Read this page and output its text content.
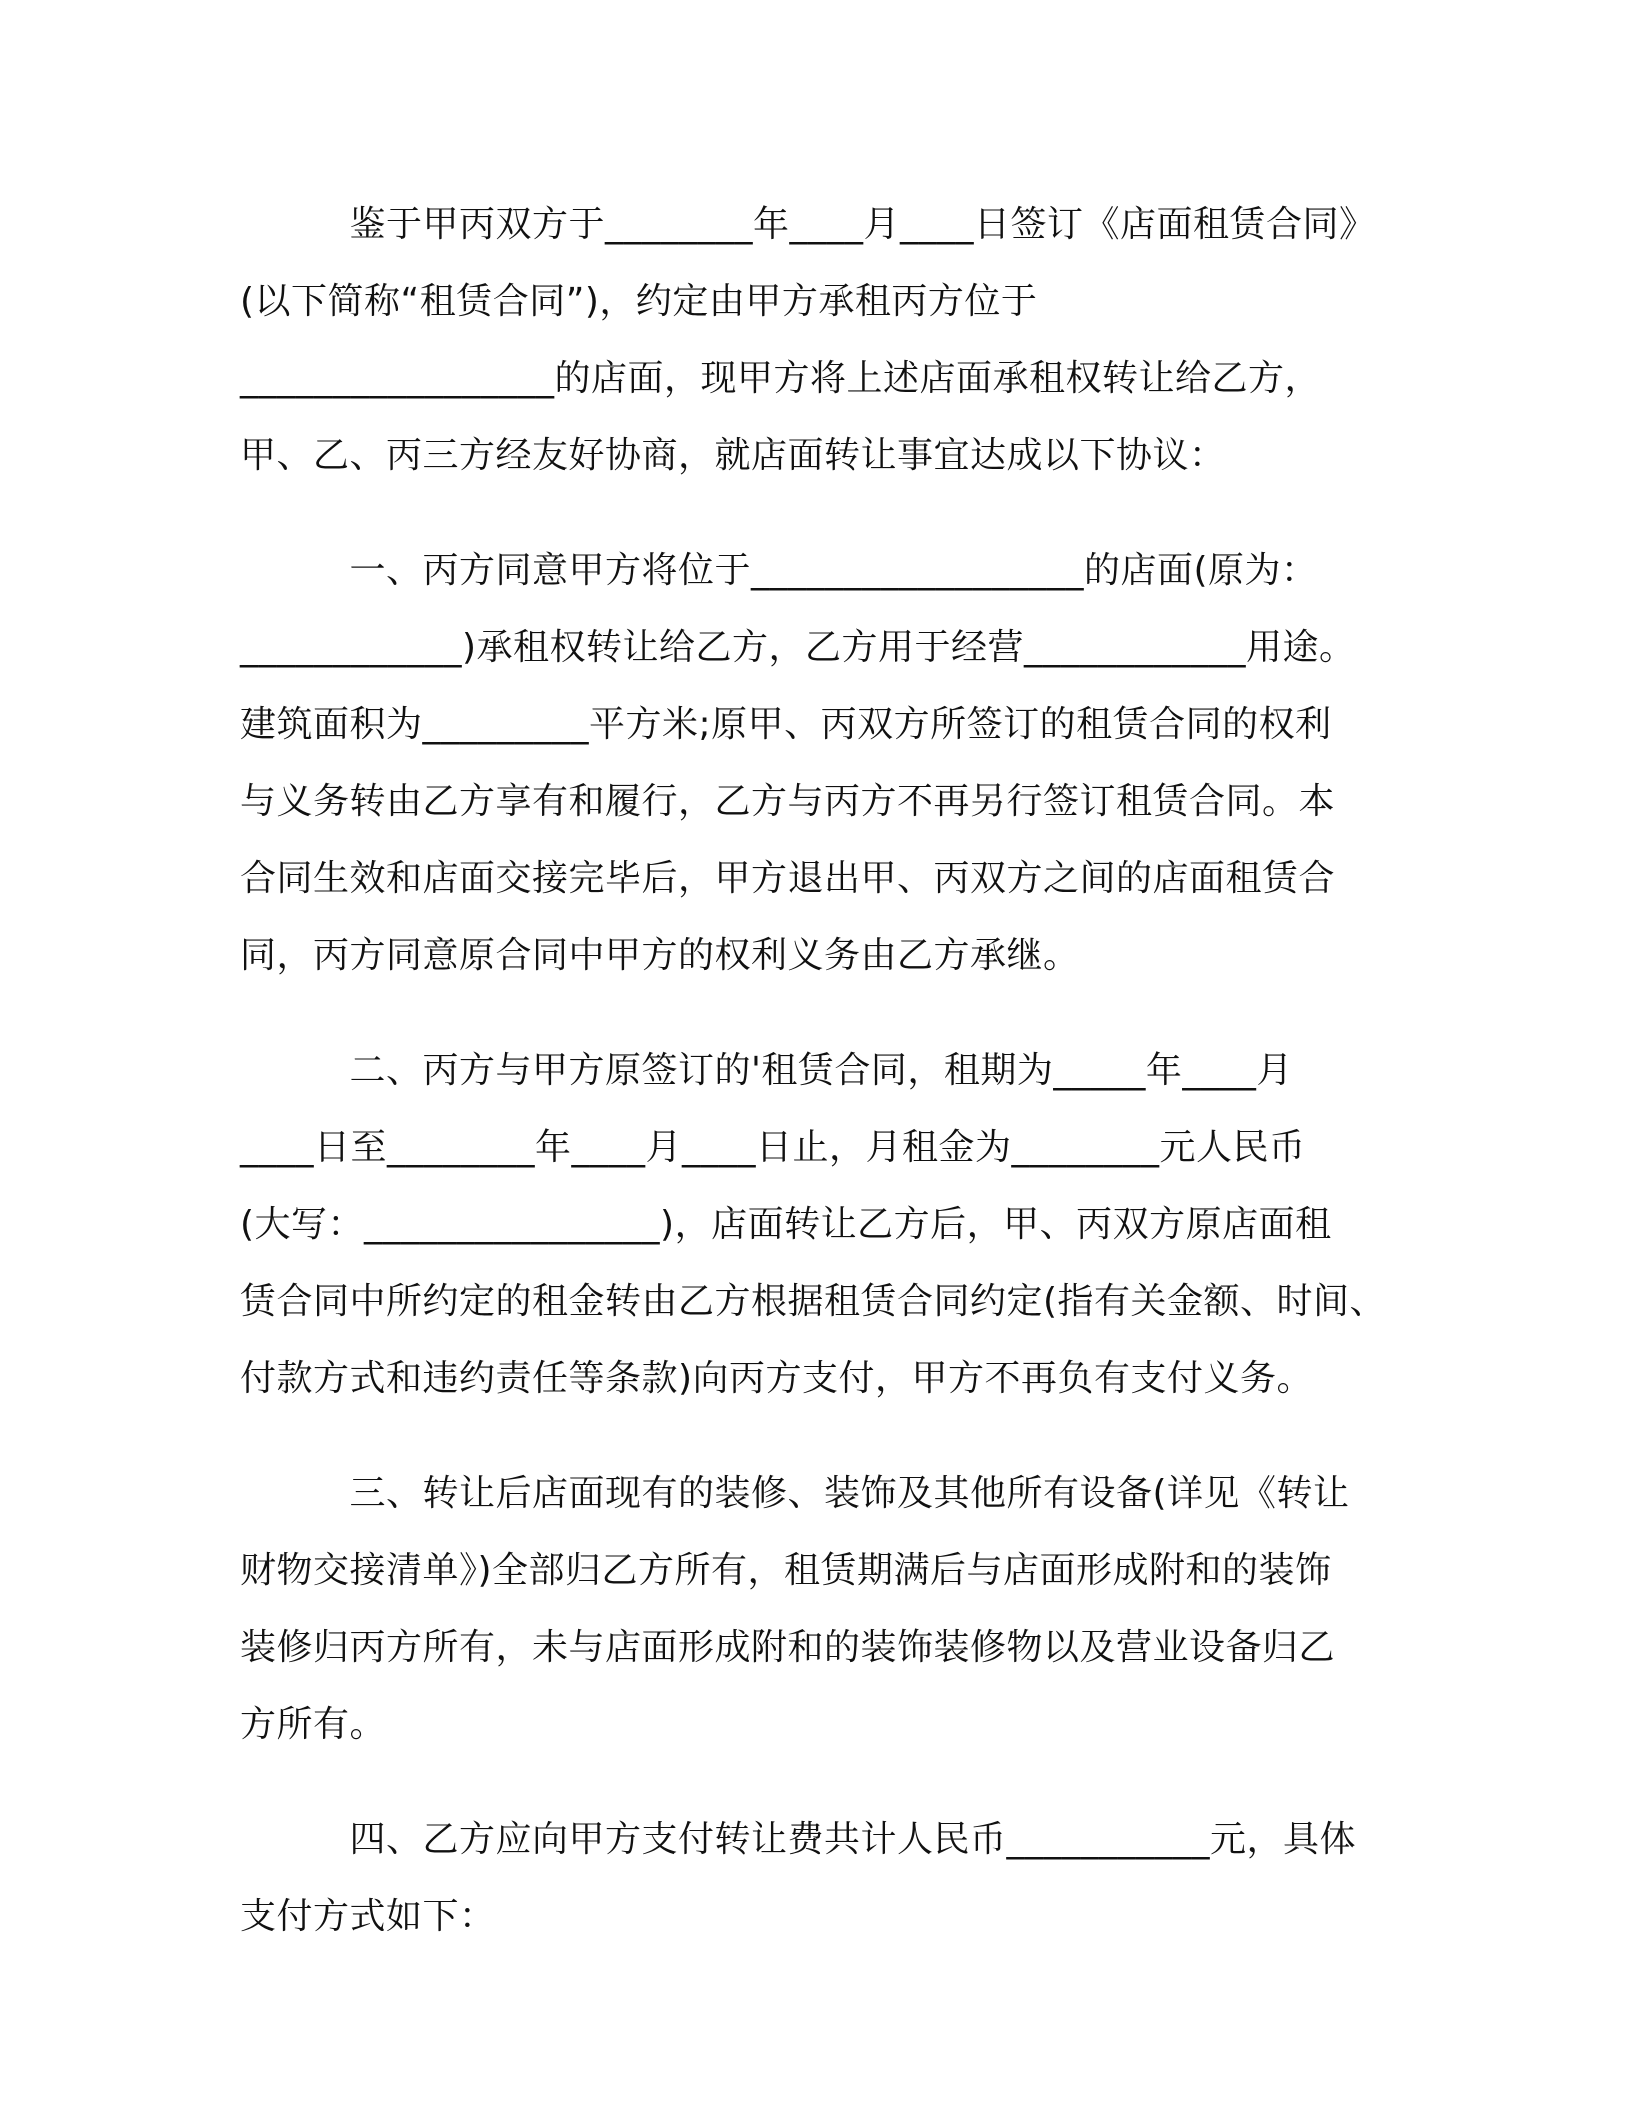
　　　鉴于甲丙双方于________年____月____日签订《店面租赁合同》
(以下简称“租赁合同”)，约定由甲方承租丙方位于
_________________的店面，现甲方将上述店面承租权转让给乙方，
甲、乙、丙三方经友好协商，就店面转让事宜达成以下协议：
　　　一、丙方同意甲方将位于__________________的店面(原为：
____________)承租权转让给乙方，乙方用于经营____________用途。
建筑面积为_________平方米;原甲、丙双方所签订的租赁合同的权利
与义务转由乙方享有和履行，乙方与丙方不再另行签订租赁合同。本
合同生效和店面交接完毕后，甲方退出甲、丙双方之间的店面租赁合
同，丙方同意原合同中甲方的权利义务由乙方承继。
　　　二、丙方与甲方原签订的'租赁合同，租期为_____年____月
____日至________年____月____日止，月租金为________元人民币
(大写：________________)，店面转让乙方后，甲、丙双方原店面租
赁合同中所约定的租金转由乙方根据租赁合同约定(指有关金额、时间、
付款方式和违约责任等条款)向丙方支付，甲方不再负有支付义务。
　　　三、转让后店面现有的装修、装饰及其他所有设备(详见《转让
财物交接清单》)全部归乙方所有，租赁期满后与店面形成附和的装饰
装修归丙方所有，未与店面形成附和的装饰装修物以及营业设备归乙
方所有。
　　　四、乙方应向甲方支付转让费共计人民币___________元，具体
支付方式如下：
